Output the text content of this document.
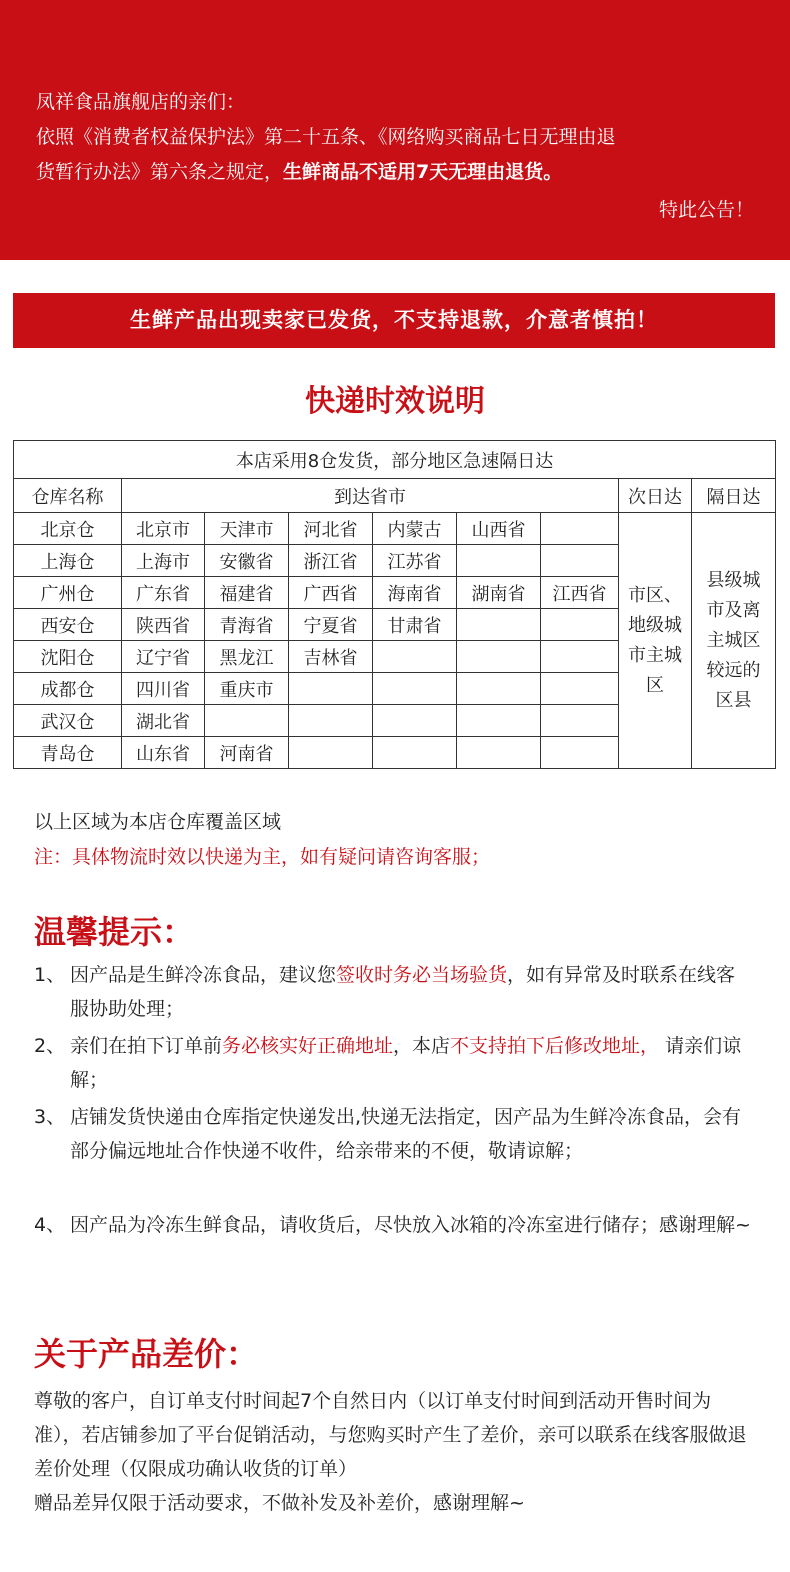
凤祥食品旗舰店的亲们：
依照《消费者权益保护法》第二十五条、《网络购买商品七日无理由退
货暂行办法》第六条之规定，生鲜商品不适用7天无理由退货。
特此公告！
生鲜产品出现卖家已发货，不支持退款，介意者慎拍！
快递时效说明
本店采用8仓发货，部分地区急速隔日达								
仓库名称	到达省市						次日达	隔日达
北京仓	北京市	天津市	河北省	内蒙古	山西省		市区、地级城市主城区	县级城市及离主城区较远的区县
上海仓	上海市	安徽省	浙江省	江苏省				
广州仓	广东省	福建省	广西省	海南省	湖南省	江西省		
西安仓	陕西省	青海省	宁夏省	甘肃省				
沈阳仓	辽宁省	黑龙江	吉林省					
成都仓	四川省	重庆市						
武汉仓	湖北省							
青岛仓	山东省	河南省						
以上区域为本店仓库覆盖区域
注：具体物流时效以快递为主，如有疑问请咨询客服；
温馨提示：
1、 因产品是生鲜冷冻食品，建议您签收时务必当场验货，如有异常及时联系在线客服协助处理；
2、 亲们在拍下订单前务必核实好正确地址，本店不支持拍下后修改地址， 请亲们谅解；
3、 店铺发货快递由仓库指定快递发出,快递无法指定，因产品为生鲜冷冻食品，会有部分偏远地址合作快递不收件，给亲带来的不便，敬请谅解；
4、 因产品为冷冻生鲜食品，请收货后，尽快放入冰箱的冷冻室进行储存；感谢理解~
关于产品差价：
尊敬的客户，自订单支付时间起7个自然日内（以订单支付时间到活动开售时间为准），若店铺参加了平台促销活动，与您购买时产生了差价，亲可以联系在线客服做退差价处理（仅限成功确认收货的订单）
赠品差异仅限于活动要求，不做补发及补差价，感谢理解~
